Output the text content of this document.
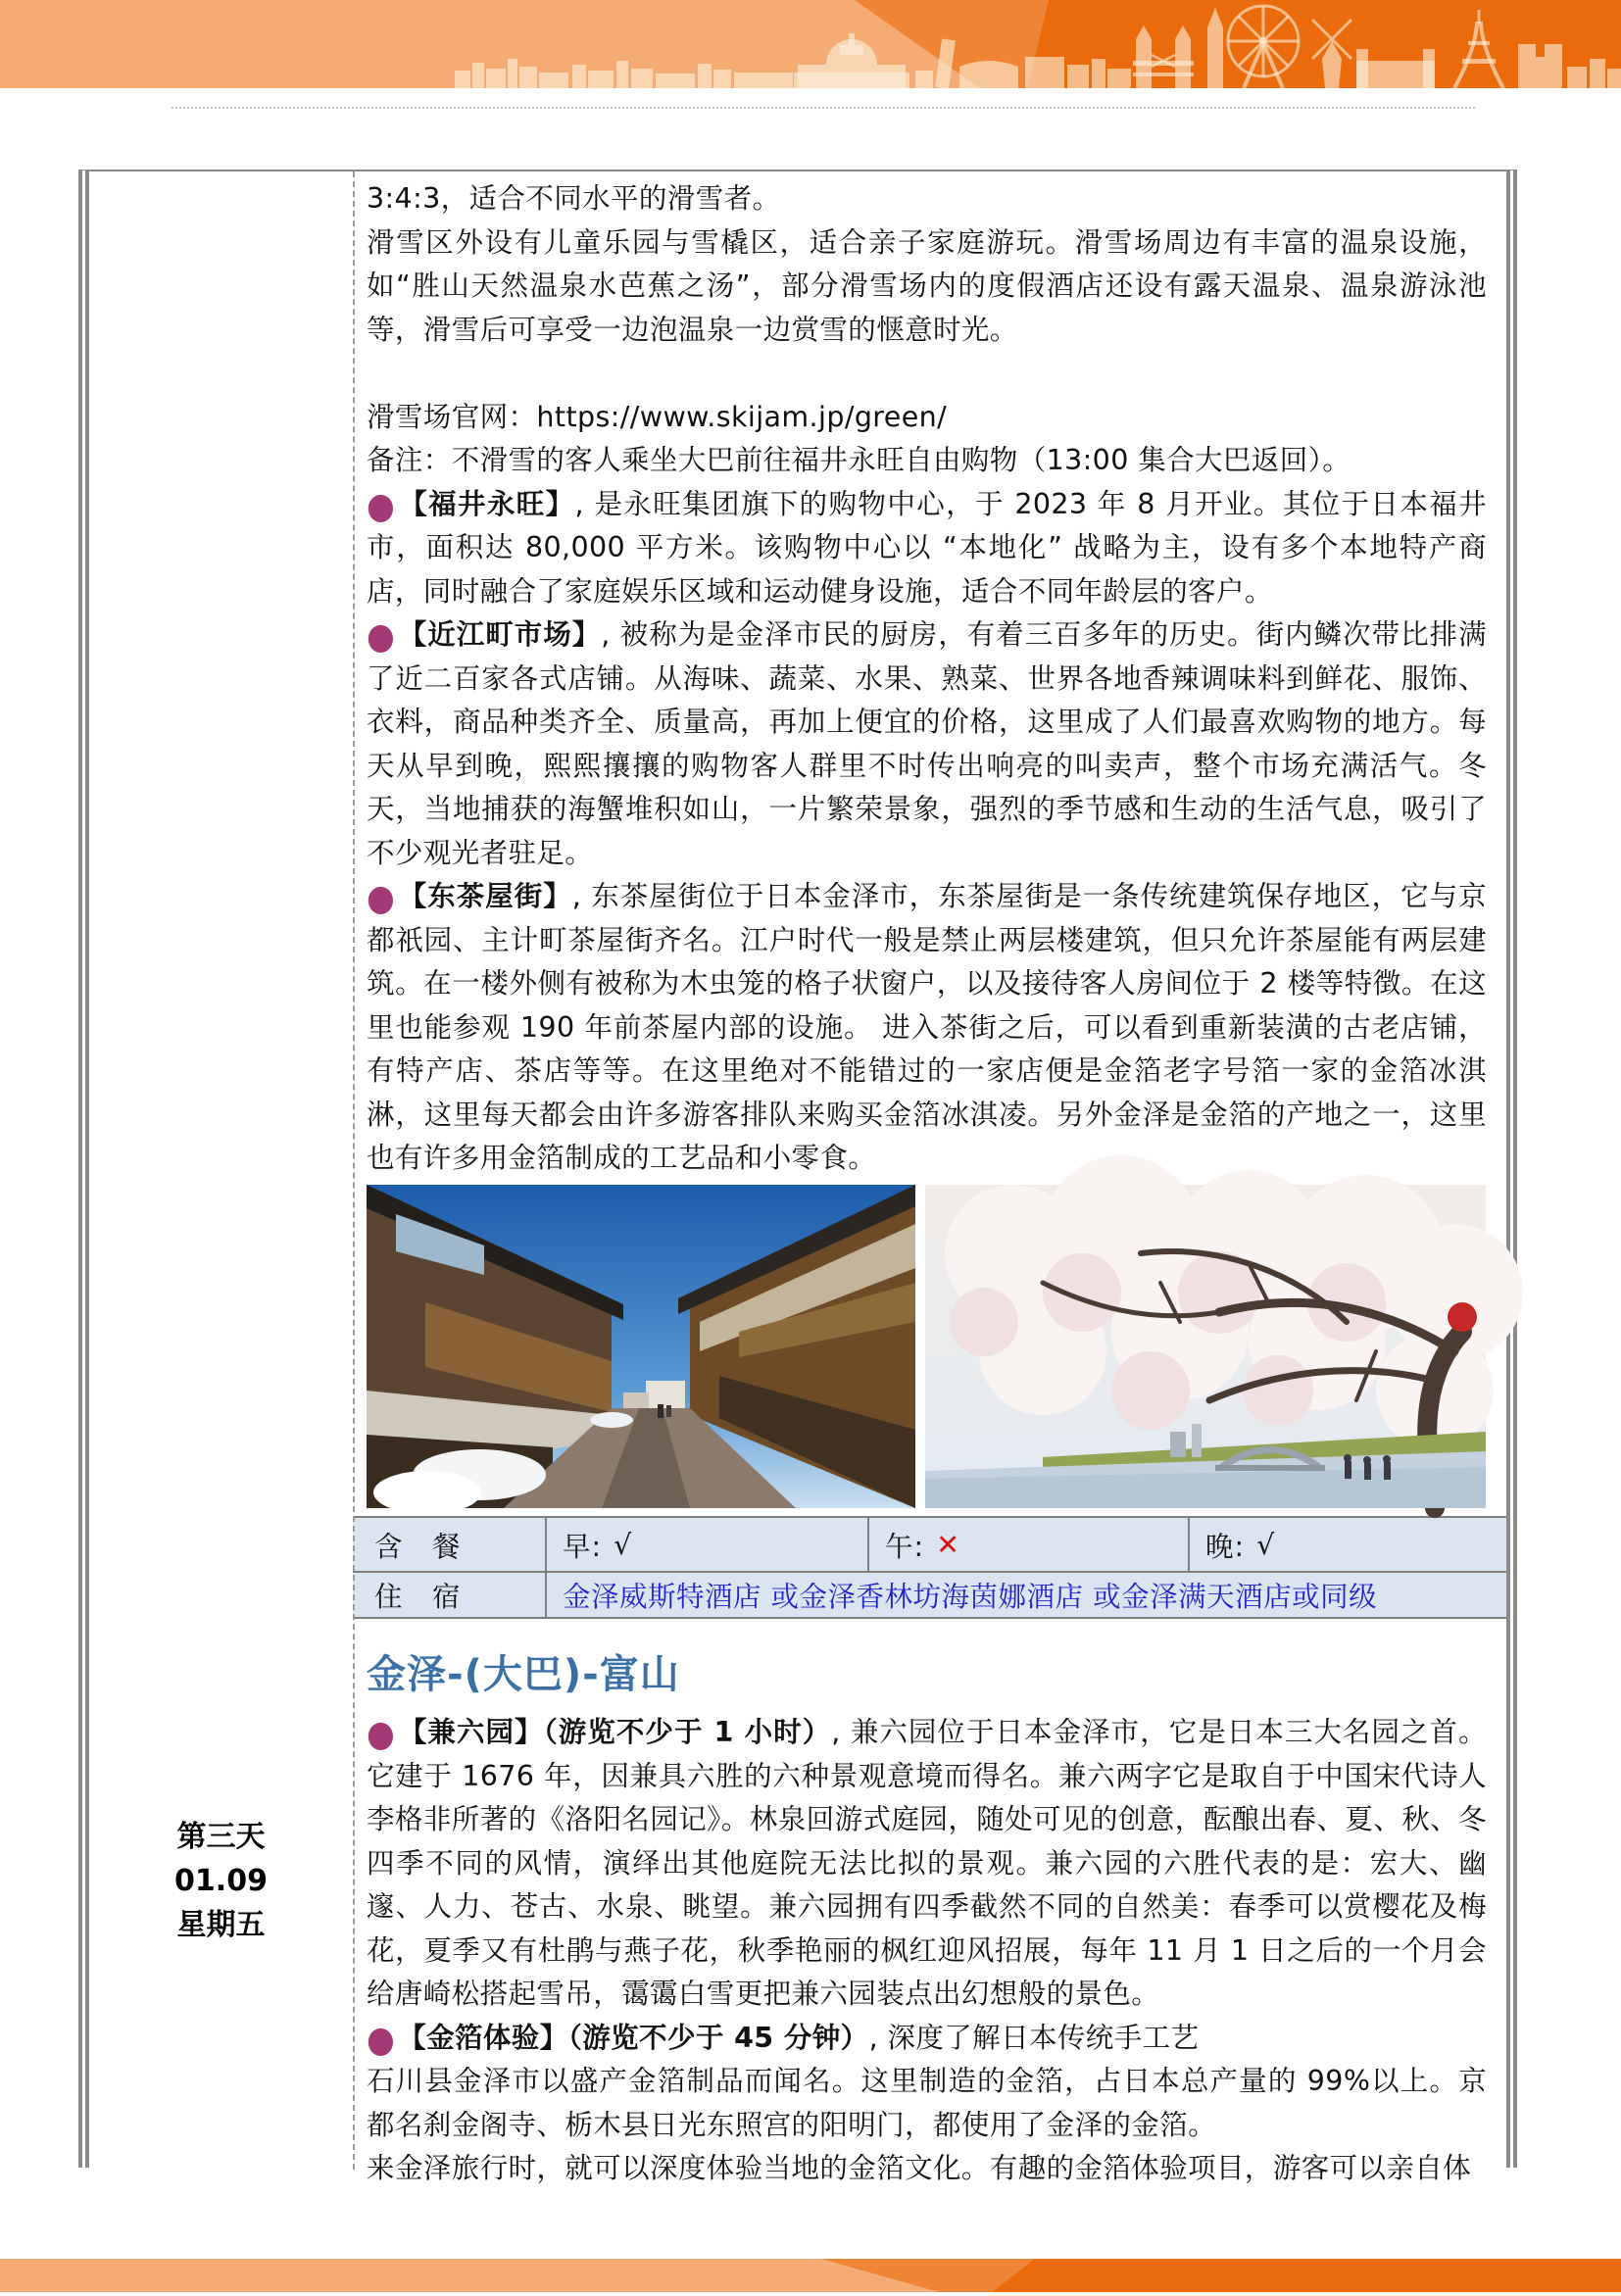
3:4:3，适合不同水平的滑雪者。

滑雪区外设有儿童乐园与雪橇区，适合亲子家庭游玩。滑雪场周边有丰富的温泉设施，如“胜山天然温泉水芭蕉之汤”，部分滑雪场内的度假酒店还设有露天温泉、温泉游泳池等，滑雪后可享受一边泡温泉一边赏雪的惬意时光。

滑雪场官网：https://www.skijam.jp/green/

备注：不滑雪的客人乘坐大巴前往福井永旺自由购物（13:00 集合大巴返回）。

● 【福井永旺】, 是永旺集团旗下的购物中心，于 2023 年 8 月开业。其位于日本福井市，面积达 80,000 平方米。该购物中心以 “本地化” 战略为主，设有多个本地特产商店，同时融合了家庭娱乐区域和运动健身设施，适合不同年龄层的客户。

● 【近江町市场】, 被称为是金泽市民的厨房，有着三百多年的历史。街内鳞次带比排满了近二百家各式店铺。从海味、蔬菜、水果、熟菜、世界各地香辣调味料到鲜花、服饰、衣料，商品种类齐全、质量高，再加上便宜的价格，这里成了人们最喜欢购物的地方。每天从早到晚，熙熙攘攘的购物客人群里不时传出响亮的叫卖声，整个市场充满活气。冬天，当地捕获的海蟹堆积如山，一片繁荣景象，强烈的季节感和生动的生活气息，吸引了不少观光者驻足。

● 【东茶屋街】, 东茶屋街位于日本金泽市，东茶屋街是一条传统建筑保存地区，它与京都祇园、主计町茶屋街齐名。江户时代一般是禁止两层楼建筑，但只允许茶屋能有两层建筑。在一楼外侧有被称为木虫笼的格子状窗户，以及接待客人房间位于 2 楼等特徴。在这里也能参观 190 年前茶屋内部的设施。 进入茶街之后，可以看到重新装潢的古老店铺，有特产店、茶店等等。在这里绝对不能错过的一家店便是金箔老字号箔一家的金箔冰淇淋，这里每天都会由许多游客排队来购买金箔冰淇凌。另外金泽是金箔的产地之一，这里也有许多用金箔制成的工艺品和小零食。

含　餐	早: √	午: ✕	晚: √
住　宿	金泽威斯特酒店 或金泽香林坊海茵娜酒店 或金泽满天酒店或同级
第三天
01.09
星期五
金泽-(大巴)-富山

● 【兼六园】（游览不少于 1 小时）, 兼六园位于日本金泽市，它是日本三大名园之首。它建于 1676 年，因兼具六胜的六种景观意境而得名。兼六两字它是取自于中国宋代诗人李格非所著的《洛阳名园记》。林泉回游式庭园，随处可见的创意，酝酿出春、夏、秋、冬四季不同的风情，演绎出其他庭院无法比拟的景观。兼六园的六胜代表的是：宏大、幽邃、人力、苍古、水泉、眺望。兼六园拥有四季截然不同的自然美：春季可以赏樱花及梅花，夏季又有杜鹃与燕子花，秋季艳丽的枫红迎风招展，每年 11 月 1 日之后的一个月会给唐崎松搭起雪吊，霭霭白雪更把兼六园装点出幻想般的景色。

● 【金箔体验】（游览不少于 45 分钟）, 深度了解日本传统手工艺

石川县金泽市以盛产金箔制品而闻名。这里制造的金箔，占日本总产量的 99%以上。京都名刹金阁寺、栃木县日光东照宫的阳明门，都使用了金泽的金箔。

来金泽旅行时，就可以深度体验当地的金箔文化。有趣的金箔体验项目，游客可以亲自体
